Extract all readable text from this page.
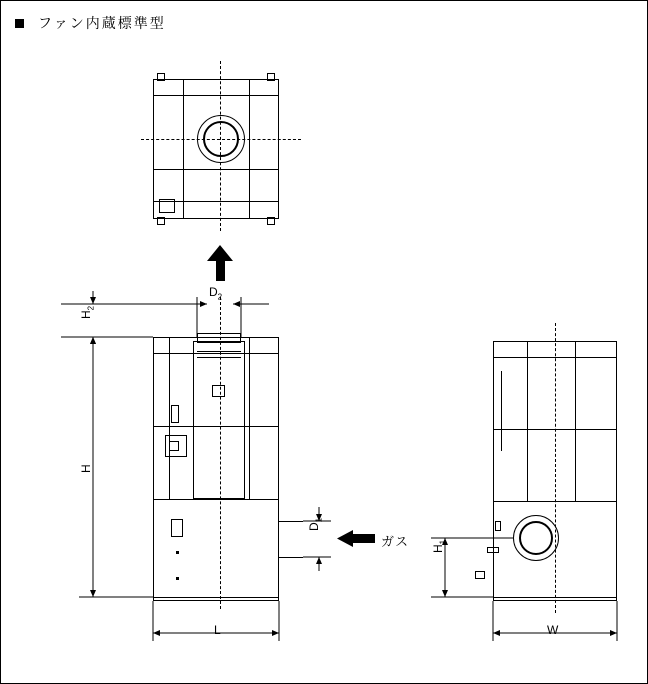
ファン内蔵標準型
$D_2$
$H_2$
H
L
$D_1$
$H_1$
W
ガス
